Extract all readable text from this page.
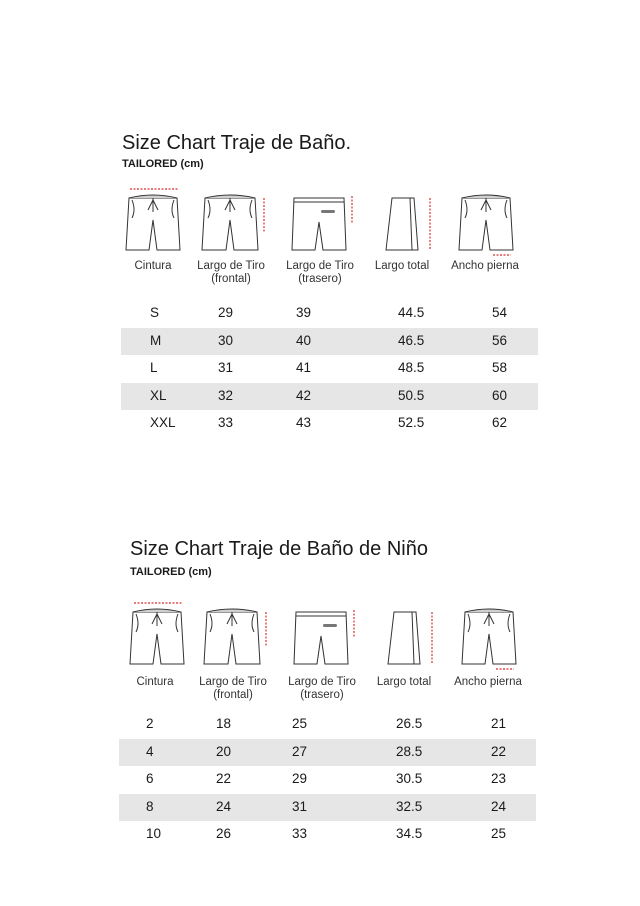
Size Chart Traje de Baño.
TAILORED (cm)
Cintura	Largo de Tiro
(frontal)
Largo de Tiro
(trasero)
Largo total	Ancho pierna
Size Chart Traje de Baño de Niño
TAILORED (cm)
Cintura	Largo de Tiro
(frontal)
Largo de Tiro
(trasero)
Largo total	Ancho pierna
S	29	39	44.5	54
M	30	40	46.5	56
L	31	41	48.5	58
XL	32	42	50.5	60
XXL	33	43	52.5	62
2	18	25	26.5	21
4	20	27	28.5	22
6	22	29	30.5	23
8	24	31	32.5	24
10	26	33	34.5	25
